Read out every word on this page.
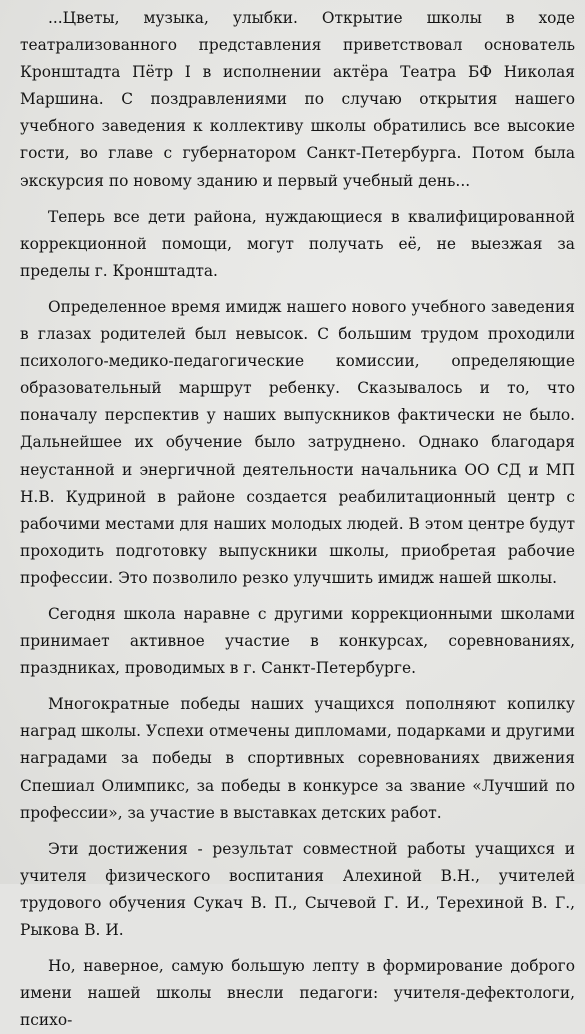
...Цветы, музыка, улыбки. Открытие школы в ходе театрализованного представления приветствовал основатель Кронштадта Пётр I в исполнении актёра Театра БФ Николая Маршина. С поздравлениями по случаю открытия нашего учебного заведения к коллективу школы обратились все высокие гости, во главе с губернатором Санкт-Петербурга. Потом была экскурсия по новому зданию и первый учебный день...

Теперь все дети района, нуждающиеся в квалифицированной коррекционной помощи, могут получать её, не выезжая за пределы г. Кронштадта.

Определенное время имидж нашего нового учебного заведения в глазах родителей был невысок. С большим трудом проходили психолого-медико-педагогические комиссии, определяющие образовательный маршрут ребенку. Сказывалось и то, что поначалу перспектив у наших выпускников фактически не было. Дальнейшее их обучение было затруднено. Однако благодаря неустанной и энергичной деятельности начальника ОО СД и МП Н.В. Кудриной в районе создается реабилитационный центр с рабочими местами для наших молодых людей. В этом центре будут проходить подготовку выпускники школы, приобретая рабочие профессии. Это позволило резко улучшить имидж нашей школы.

Сегодня школа наравне с другими коррекционными школами принимает активное участие в конкурсах, соревнованиях, праздниках, проводимых в г. Санкт-Петербурге.

Многократные победы наших учащихся пополняют копилку наград школы. Успехи отмечены дипломами, подарками и другими наградами за победы в спортивных соревнованиях движения Спешиал Олимпикс, за победы в конкурсе за звание «Лучший по профессии», за участие в выставках детских работ.

Эти достижения - результат совместной работы учащихся и учителя физического воспитания Алехиной В.Н., учителей трудового обучения Сукач В. П., Сычевой Г. И., Терехиной В. Г., Рыкова В. И.

Но, наверное, самую большую лепту в формирование доброго имени нашей школы внесли педагоги: учителя-дефектологи, психо-
